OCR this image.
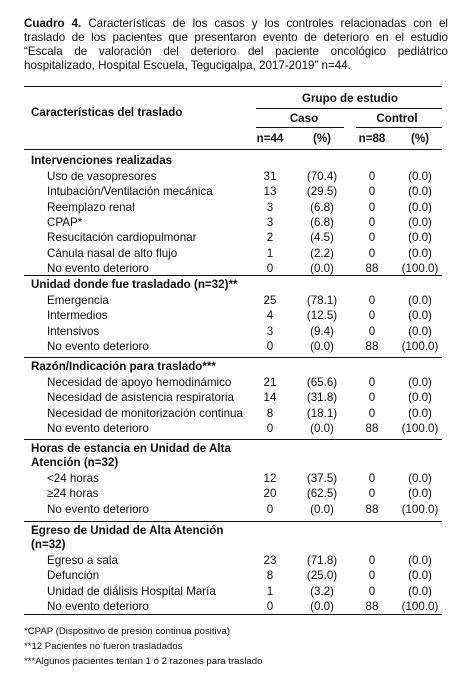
Cuadro 4. Características de los casos y los controles relacionadas con el traslado de los pacientes que presentaron evento de deterioro en el estudio “Escala de valoración del deterioro del paciente oncológico pediátrico hospitalizado, Hospital Escuela, Tegucigalpa, 2017-2019” n=44.
Características del traslado
Grupo de estudio
Caso	Control
n=44	(%)	n=88	(%)
Intervenciones realizadas
Uso de vasopresores	31	(70.4)	0	(0.0)
Intubación/Ventilación mecánica	13	(29.5)	0	(0.0)
Reemplazo renal	3	(6.8)	0	(0.0)
CPAP*	3	(6.8)	0	(0.0)
Resucitación cardiopulmonar	2	(4.5)	0	(0.0)
Cánula nasal de alto flujo	1	(2.2)	0	(0.0)
No evento deterioro	0	(0.0)	88	(100.0)
Unidad donde fue trasladado (n=32)**
Emergencia	25	(78.1)	0	(0.0)
Intermedios	4	(12.5)	0	(0.0)
Intensivos	3	(9.4)	0	(0.0)
No evento deterioro	0	(0.0)	88	(100.0)
Razón/Indicación para traslado***
Necesidad de apoyo hemodinámico	21	(65.6)	0	(0.0)
Necesidad de asistencia respiratoria	14	(31.8)	0	(0.0)
Necesidad de monitorización continua	8	(18.1)	0	(0.0)
No evento deterioro	0	(0.0)	88	(100.0)
Horas de estancia en Unidad de Alta
Atención (n=32)
<24 horas	12	(37.5)	0	(0.0)
≥24 horas	20	(62.5)	0	(0.0)
No evento deterioro	0	(0.0)	88	(100.0)
Egreso de Unidad de Alta Atención
(n=32)
Egreso a sala	23	(71.8)	0	(0.0)
Defunción	8	(25.0)	0	(0.0)
Unidad de diálisis Hospital María	1	(3.2)	0	(0.0)
No evento deterioro	0	(0.0)	88	(100.0)
*CPAP (Dispositivo de presión continua positiva)
**12 Pacientes no fueron trasladados
***Algunos pacientes tenían 1 ó 2 razones para traslado
